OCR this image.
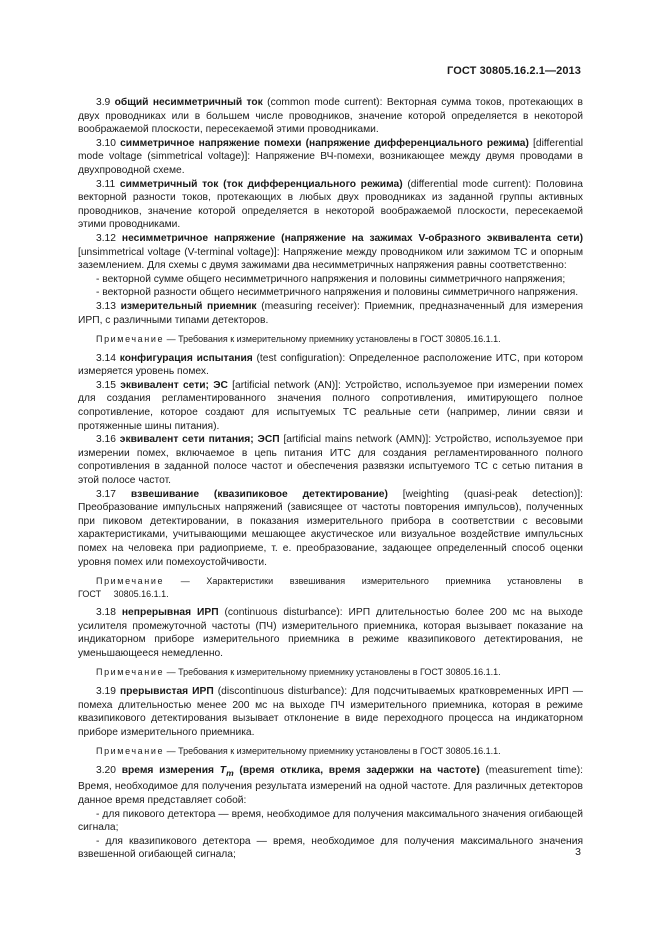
ГОСТ 30805.16.2.1—2013

3.9 общий несимметричный ток (common mode current): Векторная сумма токов, протекающих в двух проводниках или в большем числе проводников, значение которой определяется в некоторой воображаемой плоскости, пересекаемой этими проводниками.

3.10 симметричное напряжение помехи (напряжение дифференциального режима) [differential mode voltage (simmetrical voltage)]: Напряжение ВЧ-помехи, возникающее между двумя проводами в двухпроводной схеме.

3.11 симметричный ток (ток дифференциального режима) (differential mode current): Половина векторной разности токов, протекающих в любых двух проводниках из заданной группы активных проводников, значение которой определяется в некоторой воображаемой плоскости, пересекаемой этими проводниками.

3.12 несимметричное напряжение (напряжение на зажимах V-образного эквивалента сети) [unsimmetrical voltage (V-terminal voltage)]: Напряжение между проводником или зажимом ТС и опорным заземлением. Для схемы с двумя зажимами два несимметричных напряжения равны соответственно:

- векторной сумме общего несимметричного напряжения и половины симметричного напряжения;

- векторной разности общего несимметричного напряжения и половины симметричного напряжения.

3.13 измерительный приемник (measuring receiver): Приемник, предназначенный для измерения ИРП, с различными типами детекторов.

Примечание — Требования к измерительному приемнику установлены в ГОСТ 30805.16.1.1.

3.14 конфигурация испытания (test configuration): Определенное расположение ИТС, при котором измеряется уровень помех.

3.15 эквивалент сети; ЭС [artificial network (AN)]: Устройство, используемое при измерении помех для создания регламентированного значения полного сопротивления, имитирующего полное сопротивление, которое создают для испытуемых ТС реальные сети (например, линии связи и протяженные шины питания).

3.16 эквивалент сети питания; ЭСП [artificial mains network (AMN)]: Устройство, используемое при измерении помех, включаемое в цепь питания ИТС для создания регламентированного полного сопротивления в заданной полосе частот и обеспечения развязки испытуемого ТС с сетью питания в этой полосе частот.

3.17 взвешивание (квазипиковое детектирование) [weighting (quasi-peak detection)]: Преобразование импульсных напряжений (зависящее от частоты повторения импульсов), полученных при пиковом детектировании, в показания измерительного прибора в соответствии с весовыми характеристиками, учитывающими мешающее акустическое или визуальное воздействие импульсных помех на человека при радиоприеме, т. е. преобразование, задающее определенный способ оценки уровня помех или помехоустойчивости.

Примечание — Характеристики взвешивания измерительного приемника установлены в ГОСТ 30805.16.1.1.

3.18 непрерывная ИРП (continuous disturbance): ИРП длительностью более 200 мс на выходе усилителя промежуточной частоты (ПЧ) измерительного приемника, которая вызывает показание на индикаторном приборе измерительного приемника в режиме квазипикового детектирования, не уменьшающееся немедленно.

Примечание — Требования к измерительному приемнику установлены в ГОСТ 30805.16.1.1.

3.19 прерывистая ИРП (discontinuous disturbance): Для подсчитываемых кратковременных ИРП — помеха длительностью менее 200 мс на выходе ПЧ измерительного приемника, которая в режиме квазипикового детектирования вызывает отклонение в виде переходного процесса на индикаторном приборе измерительного приемника.

Примечание — Требования к измерительному приемнику установлены в ГОСТ 30805.16.1.1.

3.20 время измерения $T_m$ (время отклика, время задержки на частоте) (measurement time): Время, необходимое для получения результата измерений на одной частоте. Для различных детекторов данное время представляет собой:

- для пикового детектора — время, необходимое для получения максимального значения огибающей сигнала;

- для квазипикового детектора — время, необходимое для получения максимального значения взвешенной огибающей сигнала;	3
